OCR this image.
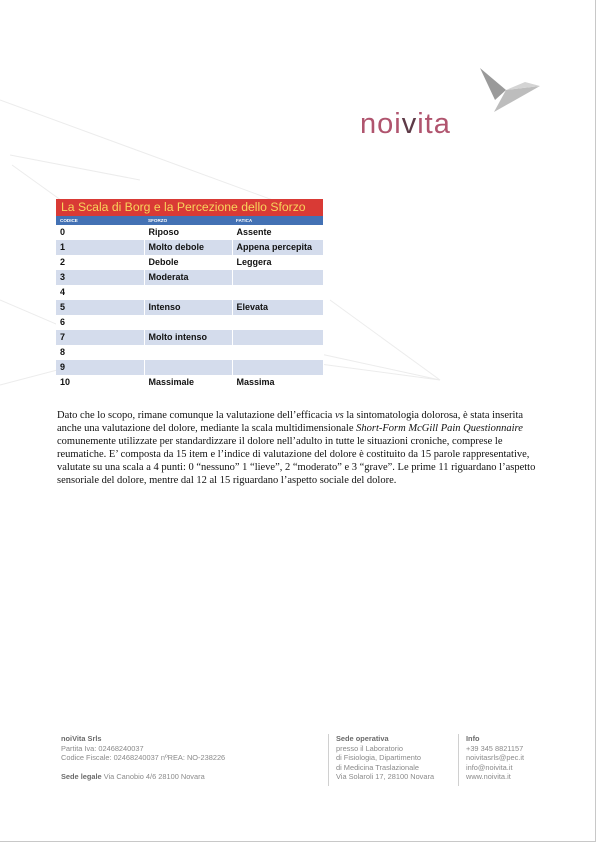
noivita
La Scala di Borg e la Percezione dello Sforzo
CODICE	SFORZO	FATICA
0	Riposo	Assente
1	Molto debole	Appena percepita
2	Debole	Leggera
3	Moderata	
4		
5	Intenso	Elevata
6		
7	Molto intenso	
8		
9		
10	Massimale	Massima
Dato che lo scopo, rimane comunque la valutazione dell’efficacia vs la sintomatologia dolorosa, è stata inserita anche una valutazione del dolore, mediante la scala multidimensionale Short-Form McGill Pain Questionnaire comunemente utilizzate per standardizzare il dolore nell’adulto in tutte le situazioni croniche, comprese le reumatiche. E’ composta da 15 item e l’indice di valutazione del dolore è costituito da 15 parole rappresentative, valutate su una scala a 4 punti: 0 “nessuno” 1 “lieve”, 2 “moderato” e 3 “grave”. Le prime 11 riguardano l’aspetto sensoriale del dolore, mentre dal 12 al 15 riguardano l’aspetto sociale del dolore.
noiVita Srls
Partita Iva: 02468240037
Codice Fiscale: 02468240037 nºREA: NO-238226
Sede legale Via Canobio 4/6 28100 Novara
Sede operativa
presso il Laboratorio
di Fisiologia, Dipartimento
di Medicina Traslazionale
Via Solaroli 17, 28100 Novara
Info
+39 345 8821157
noivitasrls@pec.it
info@noivita.it
www.noivita.it
